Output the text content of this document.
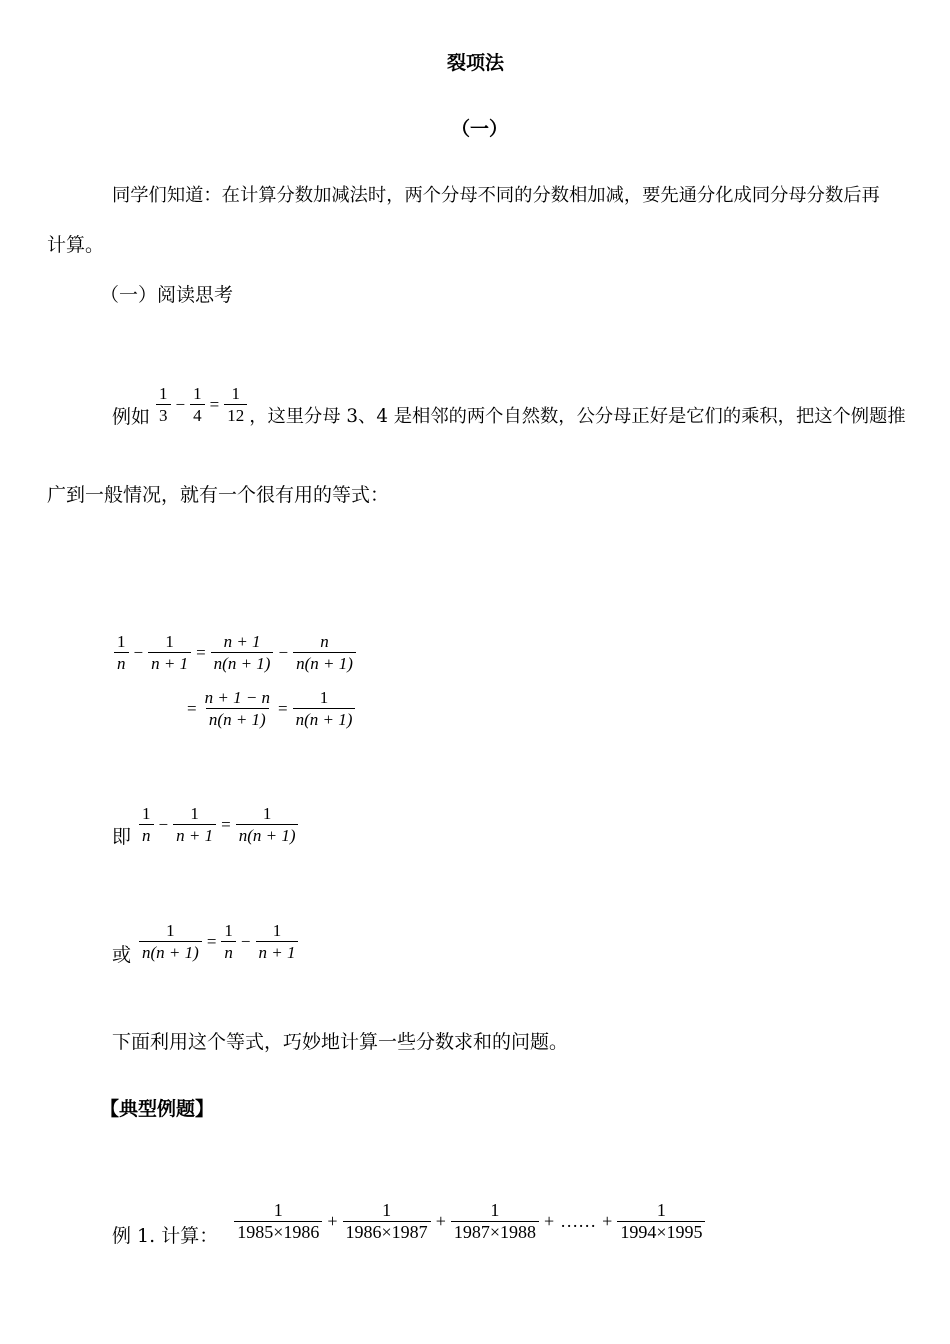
裂项法
（一）
同学们知道：在计算分数加减法时，两个分母不同的分数相加减，要先通分化成同分母分数后再
计算。
（一）阅读思考
例如 $\frac{1}{3} - \frac{1}{4} = \frac{1}{12}$ ，这里分母 3、4 是相邻的两个自然数，公分母正好是它们的乘积，把这个例题推
广到一般情况，就有一个很有用的等式：
$\frac{1}{n} - \frac{1}{n + 1} = \frac{n + 1}{n(n + 1)} - \frac{n}{n(n + 1)}$
= $\frac{n + 1 - n}{n(n + 1)} = \frac{1}{n(n + 1)}$
即 $\frac{1}{n} - \frac{1}{n + 1} = \frac{1}{n(n + 1)}$
或 $\frac{1}{n(n + 1)} = \frac{1}{n} - \frac{1}{n + 1}$
下面利用这个等式，巧妙地计算一些分数求和的问题。
【典型例题】
例 1. 计算： $\frac{1}{1985\times 1986} + \frac{1}{1986\times 1987} + \frac{1}{1987\times 1988}$ + …… + $\frac{1}{1994\times 1995}$
